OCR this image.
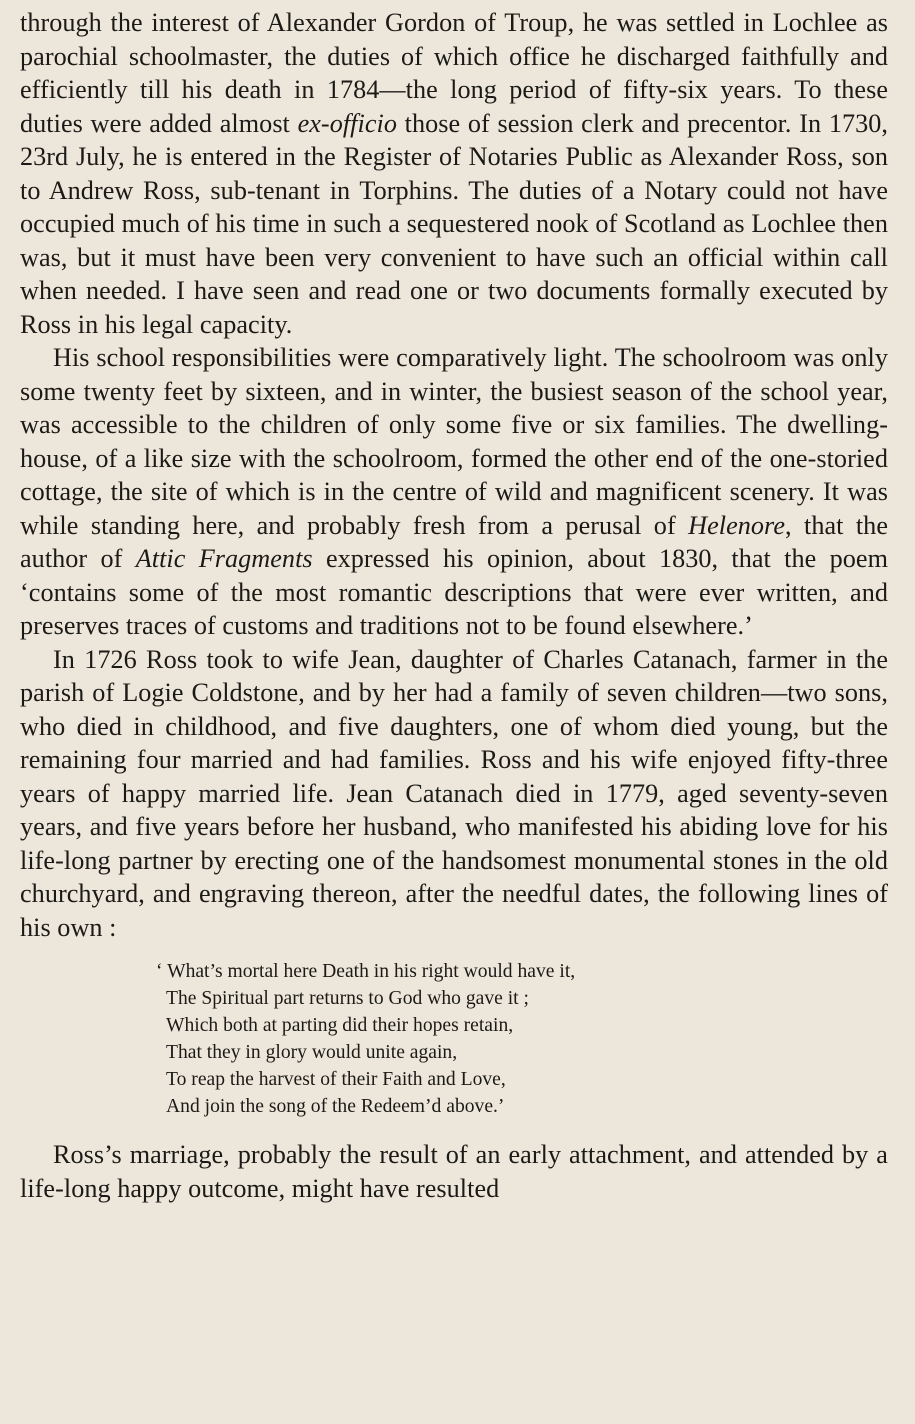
through the interest of Alexander Gordon of Troup, he was settled in Lochlee as parochial schoolmaster, the duties of which office he discharged faithfully and efficiently till his death in 1784—the long period of fifty-six years. To these duties were added almost ex-officio those of session clerk and precentor. In 1730, 23rd July, he is entered in the Register of Notaries Public as Alexander Ross, son to Andrew Ross, sub-tenant in Torphins. The duties of a Notary could not have occupied much of his time in such a sequestered nook of Scotland as Lochlee then was, but it must have been very convenient to have such an official within call when needed. I have seen and read one or two documents formally executed by Ross in his legal capacity.

His school responsibilities were comparatively light. The schoolroom was only some twenty feet by sixteen, and in winter, the busiest season of the school year, was accessible to the children of only some five or six families. The dwelling-house, of a like size with the schoolroom, formed the other end of the one-storied cottage, the site of which is in the centre of wild and magnificent scenery. It was while standing here, and probably fresh from a perusal of Helenore, that the author of Attic Fragments expressed his opinion, about 1830, that the poem ‘contains some of the most romantic descriptions that were ever written, and preserves traces of customs and traditions not to be found elsewhere.’

In 1726 Ross took to wife Jean, daughter of Charles Catanach, farmer in the parish of Logie Coldstone, and by her had a family of seven children—two sons, who died in childhood, and five daughters, one of whom died young, but the remaining four married and had families. Ross and his wife enjoyed fifty-three years of happy married life. Jean Catanach died in 1779, aged seventy-seven years, and five years before her husband, who manifested his abiding love for his life-long partner by erecting one of the handsomest monumental stones in the old churchyard, and engraving thereon, after the needful dates, the following lines of his own :

‘ What’s mortal here Death in his right would have it,
The Spiritual part returns to God who gave it ;
Which both at parting did their hopes retain,
That they in glory would unite again,
To reap the harvest of their Faith and Love,
And join the song of the Redeem’d above.’

Ross’s marriage, probably the result of an early attachment, and attended by a life-long happy outcome, might have resulted
